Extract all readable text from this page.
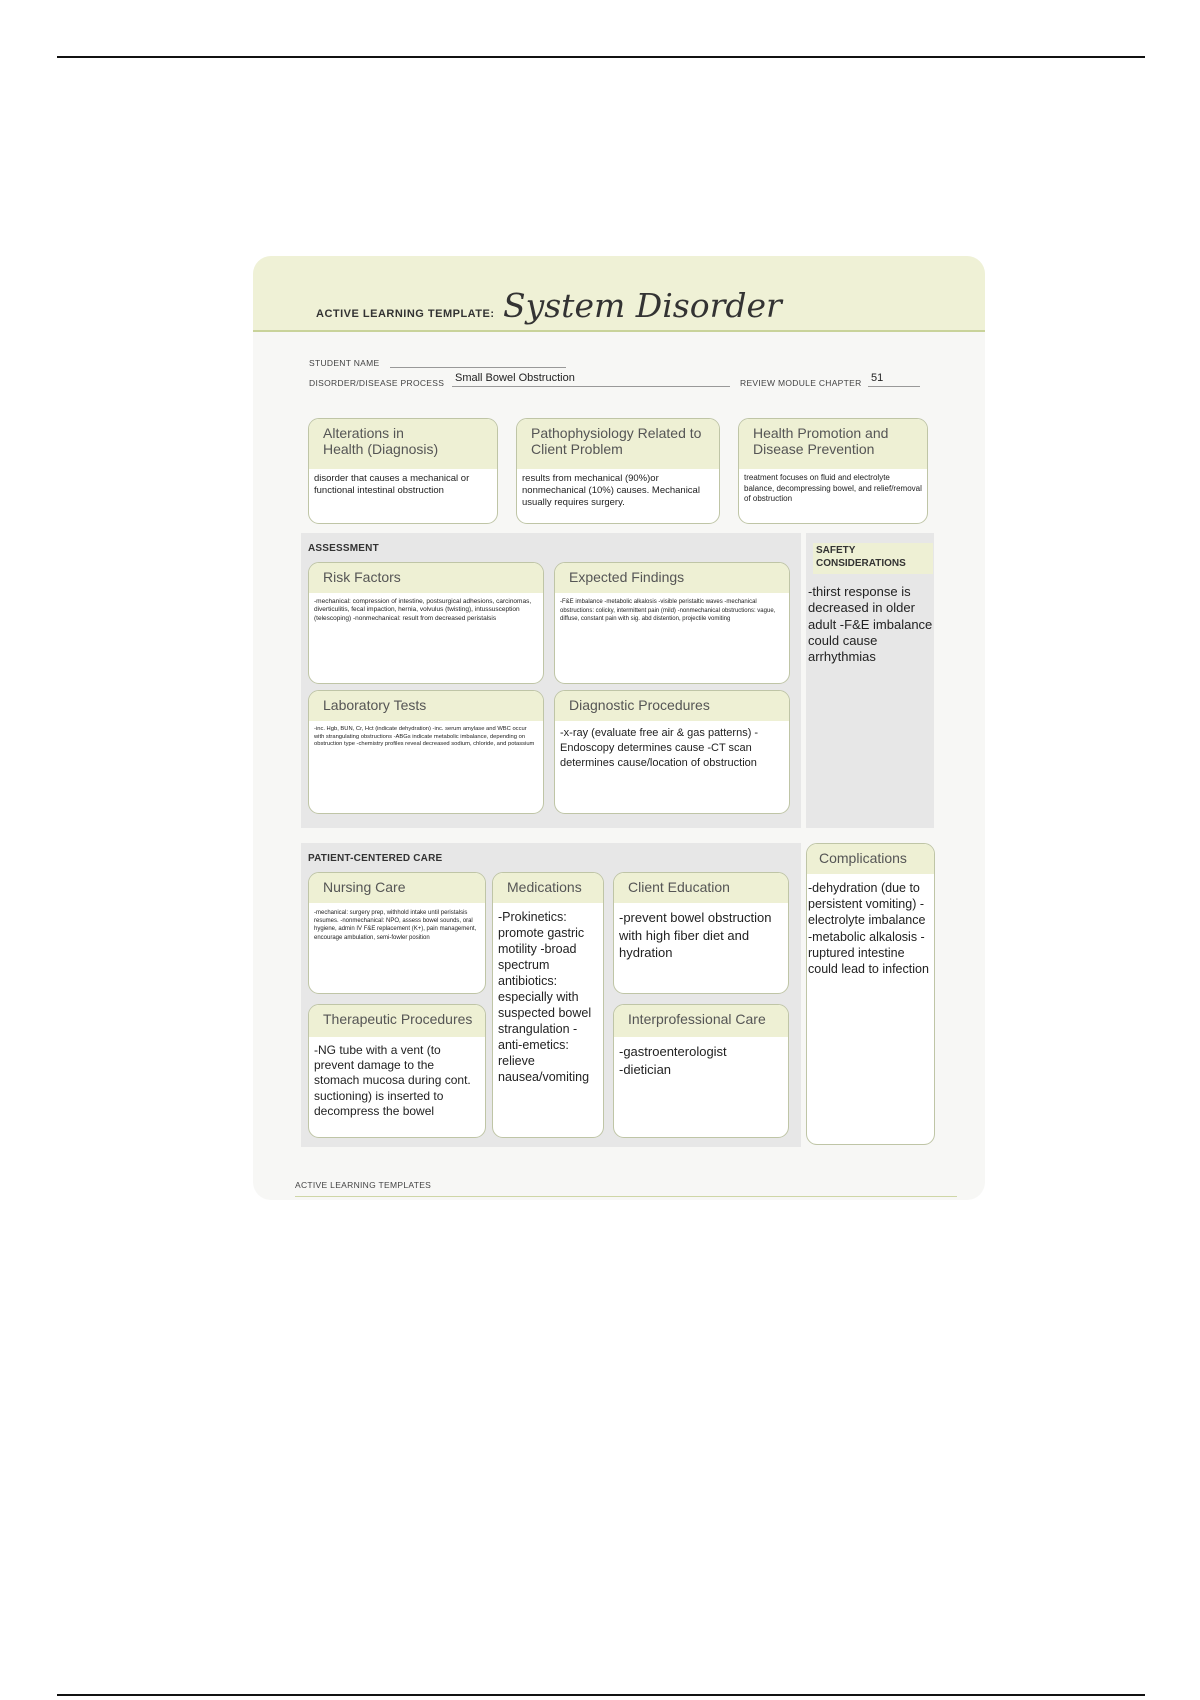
ACTIVE LEARNING TEMPLATE: System Disorder
STUDENT NAME
DISORDER/DISEASE PROCESS Small Bowel Obstruction	REVIEW MODULE CHAPTER 51
Alterations in Health (Diagnosis)
disorder that causes a mechanical or functional intestinal obstruction
Pathophysiology Related to Client Problem
results from mechanical (90%)or nonmechanical (10%) causes. Mechanical usually requires surgery.
Health Promotion and Disease Prevention
treatment focuses on fluid and electrolyte balance, decompressing bowel, and relief/removal of obstruction
ASSESSMENT
Risk Factors
-mechanical: compression of intestine, postsurgical adhesions, carcinomas, diverticulitis, fecal impaction, hernia, volvulus (twisting), intussusception (telescoping) -nonmechanical: result from decreased peristalsis
Expected Findings
-F&E imbalance -metabolic alkalosis -visible peristaltic waves -mechanical obstructions: colicky, intermittent pain (mild) -nonmechanical obstructions: vague, diffuse, constant pain with sig. abd distention, projectile vomiting
Laboratory Tests
-inc. Hgb, BUN, Cr, Hct (indicate dehydration) -inc. serum amylase and WBC occur with strangulating obstructions -ABGs indicate metabolic imbalance, depending on obstruction type -chemistry profiles reveal decreased sodium, chloride, and potassium
Diagnostic Procedures
-x-ray (evaluate free air & gas patterns) -Endoscopy determines cause -CT scan determines cause/location of obstruction
SAFETY CONSIDERATIONS
-thirst response is decreased in older adult -F&E imbalance could cause arrhythmias
PATIENT-CENTERED CARE
Nursing Care
-mechanical: surgery prep, withhold intake until peristalsis resumes. -nonmechanical: NPO, assess bowel sounds, oral hygiene, admin IV F&E replacement (K+), pain management, encourage ambulation, semi-fowler position
Medications
-Prokinetics: promote gastric motility -broad spectrum antibiotics: especially with suspected bowel strangulation -anti-emetics: relieve nausea/vomiting
Client Education
-prevent bowel obstruction with high fiber diet and hydration
Therapeutic Procedures
-NG tube with a vent (to prevent damage to the stomach mucosa during cont. suctioning) is inserted to decompress the bowel
Interprofessional Care
-gastroenterologist -dietician
Complications
-dehydration (due to persistent vomiting) -electrolyte imbalance -metabolic alkalosis -ruptured intestine could lead to infection
ACTIVE LEARNING TEMPLATES
